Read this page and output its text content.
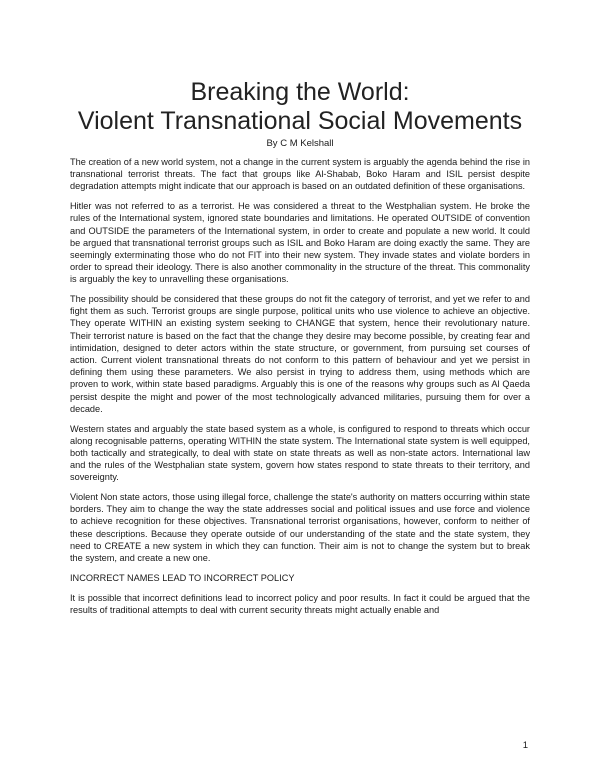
Breaking the World:
Violent Transnational Social Movements
By C M Kelshall

The creation of a new world system, not a change in the current system is arguably the agenda behind the rise in transnational terrorist threats. The fact that groups like Al-Shabab, Boko Haram and ISIL persist despite degradation attempts might indicate that our approach is based on an outdated definition of these organisations.

Hitler was not referred to as a terrorist. He was considered a threat to the Westphalian system. He broke the rules of the International system, ignored state boundaries and limitations. He operated OUTSIDE of convention and OUTSIDE the parameters of the International system, in order to create and populate a new world. It could be argued that transnational terrorist groups such as ISIL and Boko Haram are doing exactly the same. They are seemingly exterminating those who do not FIT into their new system. They invade states and violate borders in order to spread their ideology. There is also another commonality in the structure of the threat. This commonality is arguably the key to unravelling these organisations.

The possibility should be considered that these groups do not fit the category of terrorist, and yet we refer to and fight them as such. Terrorist groups are single purpose, political units who use violence to achieve an objective. They operate WITHIN an existing system seeking to CHANGE that system, hence their revolutionary nature. Their terrorist nature is based on the fact that the change they desire may become possible, by creating fear and intimidation, designed to deter actors within the state structure, or government, from pursuing set courses of action. Current violent transnational threats do not conform to this pattern of behaviour and yet we persist in defining them using these parameters. We also persist in trying to address them, using methods which are proven to work, within state based paradigms. Arguably this is one of the reasons why groups such as Al Qaeda persist despite the might and power of the most technologically advanced militaries, pursuing them for over a decade.

Western states and arguably the state based system as a whole, is configured to respond to threats which occur along recognisable patterns, operating WITHIN the state system. The International state system is well equipped, both tactically and strategically, to deal with state on state threats as well as non-state actors. International law and the rules of the Westphalian state system, govern how states respond to state threats to their territory, and sovereignty.

Violent Non state actors, those using illegal force, challenge the state's authority on matters occurring within state borders. They aim to change the way the state addresses social and political issues and use force and violence to achieve recognition for these objectives. Transnational terrorist organisations, however, conform to neither of these descriptions. Because they operate outside of our understanding of the state and the state system, they need to CREATE a new system in which they can function. Their aim is not to change the system but to break the system, and create a new one.

INCORRECT NAMES LEAD TO INCORRECT POLICY

It is possible that incorrect definitions lead to incorrect policy and poor results. In fact it could be argued that the results of traditional attempts to deal with current security threats might actually enable and

1
